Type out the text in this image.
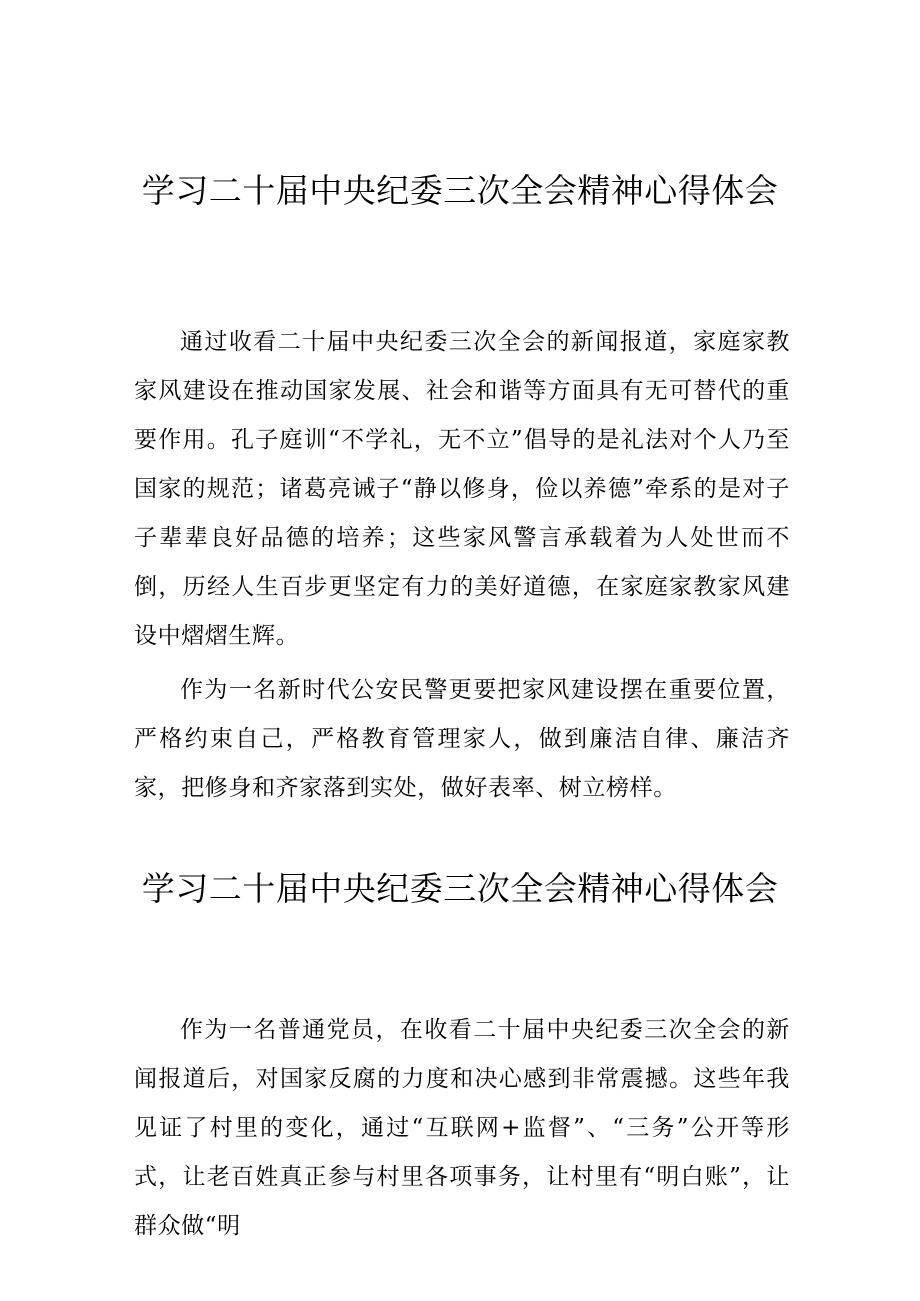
学习二十届中央纪委三次全会精神心得体会

通过收看二十届中央纪委三次全会的新闻报道，家庭家教家风建设在推动国家发展、社会和谐等方面具有无可替代的重要作用。孔子庭训“不学礼，无不立”倡导的是礼法对个人乃至国家的规范；诸葛亮诫子“静以修身，俭以养德”牵系的是对子子辈辈良好品德的培养；这些家风警言承载着为人处世而不倒，历经人生百步更坚定有力的美好道德，在家庭家教家风建设中熠熠生辉。

作为一名新时代公安民警更要把家风建设摆在重要位置，严格约束自己，严格教育管理家人，做到廉洁自律、廉洁齐家，把修身和齐家落到实处，做好表率、树立榜样。

学习二十届中央纪委三次全会精神心得体会

作为一名普通党员，在收看二十届中央纪委三次全会的新闻报道后，对国家反腐的力度和决心感到非常震撼。这些年我见证了村里的变化，通过“互联网+监督”、“三务”公开等形式，让老百姓真正参与村里各项事务，让村里有“明白账”，让群众做“明
